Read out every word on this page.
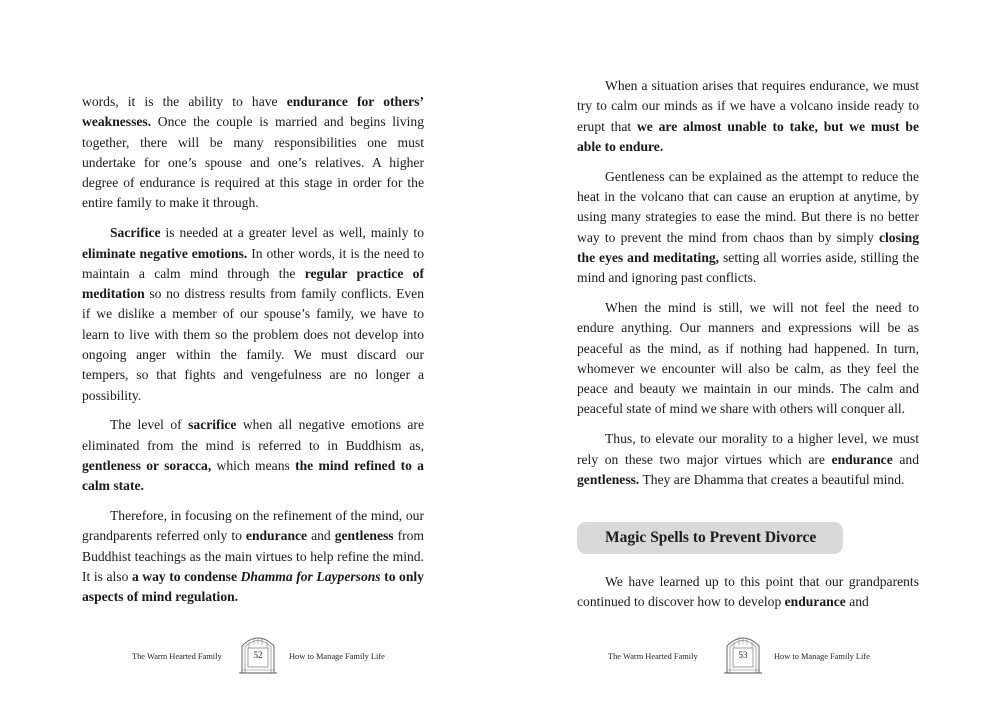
words, it is the ability to have endurance for others’ weaknesses. Once the couple is married and begins living together, there will be many responsibilities one must undertake for one’s spouse and one’s relatives. A higher degree of endurance is required at this stage in order for the entire family to make it through.

Sacrifice is needed at a greater level as well, mainly to eliminate negative emotions. In other words, it is the need to maintain a calm mind through the regular practice of meditation so no distress results from family conflicts. Even if we dislike a member of our spouse’s family, we have to learn to live with them so the problem does not develop into ongoing anger within the family. We must discard our tempers, so that fights and vengefulness are no longer a possibility.

The level of sacrifice when all negative emotions are eliminated from the mind is referred to in Buddhism as, gentleness or soracca, which means the mind refined to a calm state.

Therefore, in focusing on the refinement of the mind, our grandparents referred only to endurance and gentleness from Buddhist teachings as the main virtues to help refine the mind. It is also a way to condense Dhamma for Laypersons to only aspects of mind regulation.

The Warm Hearted Family	52	How to Manage Family Life

When a situation arises that requires endurance, we must try to calm our minds as if we have a volcano inside ready to erupt that we are almost unable to take, but we must be able to endure.

Gentleness can be explained as the attempt to reduce the heat in the volcano that can cause an eruption at anytime, by using many strategies to ease the mind. But there is no better way to prevent the mind from chaos than by simply closing the eyes and meditating, setting all worries aside, stilling the mind and ignoring past conflicts.

When the mind is still, we will not feel the need to endure anything. Our manners and expressions will be as peaceful as the mind, as if nothing had happened. In turn, whomever we encounter will also be calm, as they feel the peace and beauty we maintain in our minds. The calm and peaceful state of mind we share with others will conquer all.

Thus, to elevate our morality to a higher level, we must rely on these two major virtues which are endurance and gentleness. They are Dhamma that creates a beautiful mind.

Magic Spells to Prevent Divorce

We have learned up to this point that our grandparents continued to discover how to develop endurance and

The Warm Hearted Family	53	How to Manage Family Life
